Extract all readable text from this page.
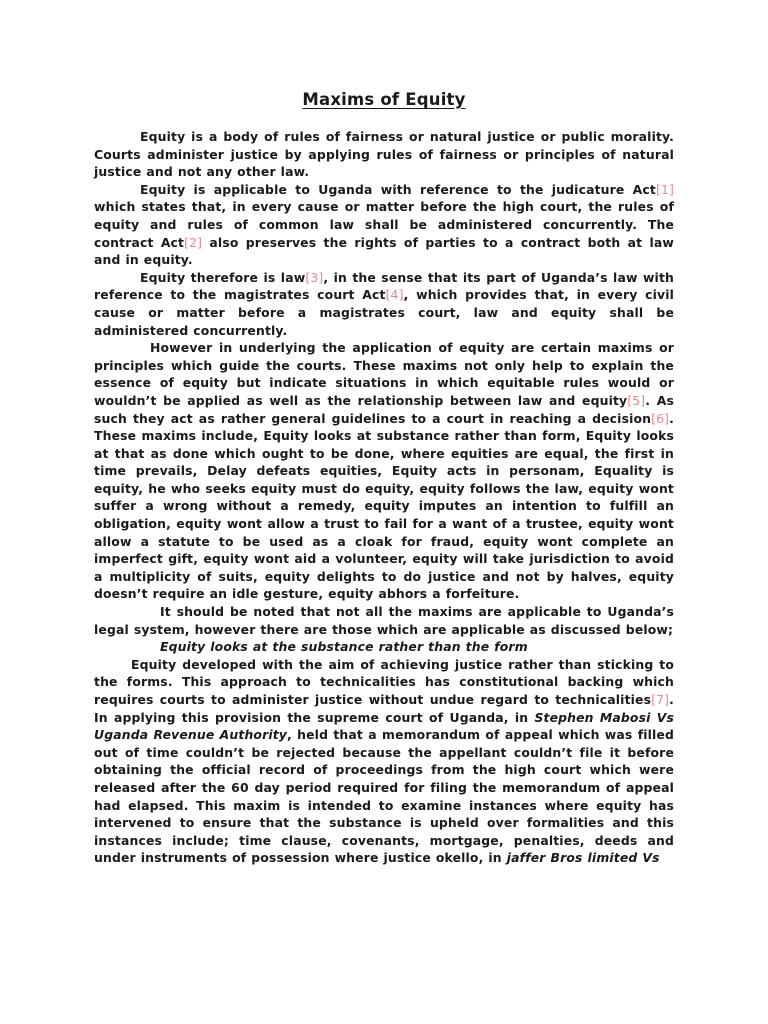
Maxims of Equity

Equity is a body of rules of fairness or natural justice or public morality. Courts administer justice by applying rules of fairness or principles of natural justice and not any other law.

Equity is applicable to Uganda with reference to the judicature Act[1] which states that, in every cause or matter before the high court, the rules of equity and rules of common law shall be administered concurrently. The contract Act[2] also preserves the rights of parties to a contract both at law and in equity.

Equity therefore is law[3], in the sense that its part of Uganda’s law with reference to the magistrates court Act[4], which provides that, in every civil cause or matter before a magistrates court, law and equity shall be administered concurrently.

However in underlying the application of equity are certain maxims or principles which guide the courts. These maxims not only help to explain the essence of equity but indicate situations in which equitable rules would or wouldn’t be applied as well as the relationship between law and equity[5]. As such they act as rather general guidelines to a court in reaching a decision[6]. These maxims include, Equity looks at substance rather than form, Equity looks at that as done which ought to be done, where equities are equal, the first in time prevails, Delay defeats equities, Equity acts in personam, Equality is equity, he who seeks equity must do equity, equity follows the law, equity wont suffer a wrong without a remedy, equity imputes an intention to fulfill an obligation, equity wont allow a trust to fail for a want of a trustee, equity wont allow a statute to be used as a cloak for fraud, equity wont complete an imperfect gift, equity wont aid a volunteer, equity will take jurisdiction to avoid a multiplicity of suits, equity delights to do justice and not by halves, equity doesn’t require an idle gesture, equity abhors a forfeiture.

It should be noted that not all the maxims are applicable to Uganda’s legal system, however there are those which are applicable as discussed below;

Equity looks at the substance rather than the form

Equity developed with the aim of achieving justice rather than sticking to the forms. This approach to technicalities has constitutional backing which requires courts to administer justice without undue regard to technicalities[7]. In applying this provision the supreme court of Uganda, in Stephen Mabosi Vs Uganda Revenue Authority, held that a memorandum of appeal which was filled out of time couldn’t be rejected because the appellant couldn’t file it before obtaining the official record of proceedings from the high court which were released after the 60 day period required for filing the memorandum of appeal had elapsed. This maxim is intended to examine instances where equity has intervened to ensure that the substance is upheld over formalities and this instances include; time clause, covenants, mortgage, penalties, deeds and under instruments of possession where justice okello, in jaffer Bros limited Vs
